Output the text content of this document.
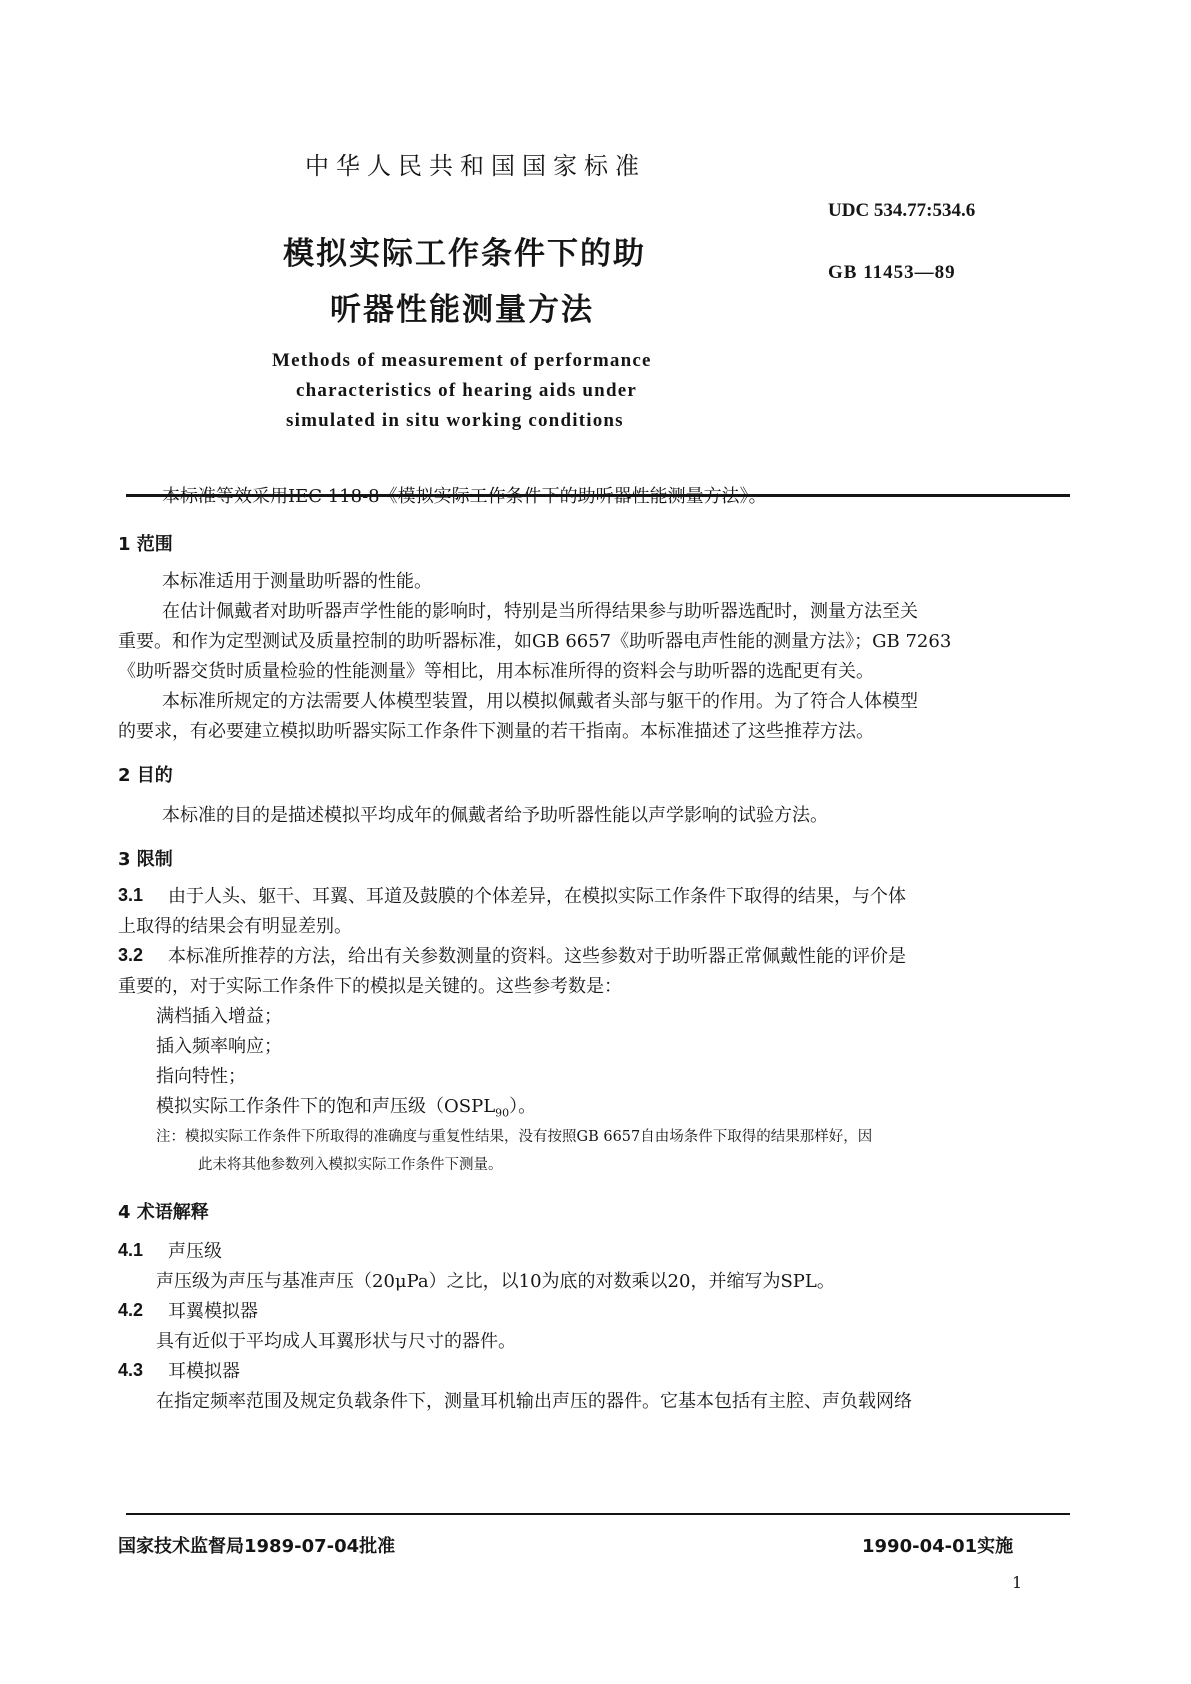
中华人民共和国国家标准
UDC 534.77:534.6
GB 11453—89
模拟实际工作条件下的助
听器性能测量方法
Methods of measurement of performance
characteristics of hearing aids under
simulated in situ working conditions
本标准等效采用IEC 118-8《模拟实际工作条件下的助听器性能测量方法》。
1 范围
本标准适用于测量助听器的性能。
在估计佩戴者对助听器声学性能的影响时，特别是当所得结果参与助听器选配时，测量方法至关
重要。和作为定型测试及质量控制的助听器标准，如GB 6657《助听器电声性能的测量方法》；GB 7263
《助听器交货时质量检验的性能测量》等相比，用本标准所得的资料会与助听器的选配更有关。
本标准所规定的方法需要人体模型装置，用以模拟佩戴者头部与躯干的作用。为了符合人体模型
的要求，有必要建立模拟助听器实际工作条件下测量的若干指南。本标准描述了这些推荐方法。
2 目的
本标准的目的是描述模拟平均成年的佩戴者给予助听器性能以声学影响的试验方法。
3 限制
3.1 由于人头、躯干、耳翼、耳道及鼓膜的个体差异，在模拟实际工作条件下取得的结果，与个体
上取得的结果会有明显差别。
3.2 本标准所推荐的方法，给出有关参数测量的资料。这些参数对于助听器正常佩戴性能的评价是
重要的，对于实际工作条件下的模拟是关键的。这些参考数是：
满档插入增益；
插入频率响应；
指向特性；
模拟实际工作条件下的饱和声压级$(OSPL_{90})$。
注：模拟实际工作条件下所取得的准确度与重复性结果，没有按照GB 6657自由场条件下取得的结果那样好，因
此未将其他参数列入模拟实际工作条件下测量。
4 术语解释
4.1 声压级
声压级为声压与基准声压（20μPa）之比，以10为底的对数乘以20，并缩写为SPL。
4.2 耳翼模拟器
具有近似于平均成人耳翼形状与尺寸的器件。
4.3 耳模拟器
在指定频率范围及规定负载条件下，测量耳机输出声压的器件。它基本包括有主腔、声负载网络
国家技术监督局1989-07-04批准	1990-04-01实施
1
